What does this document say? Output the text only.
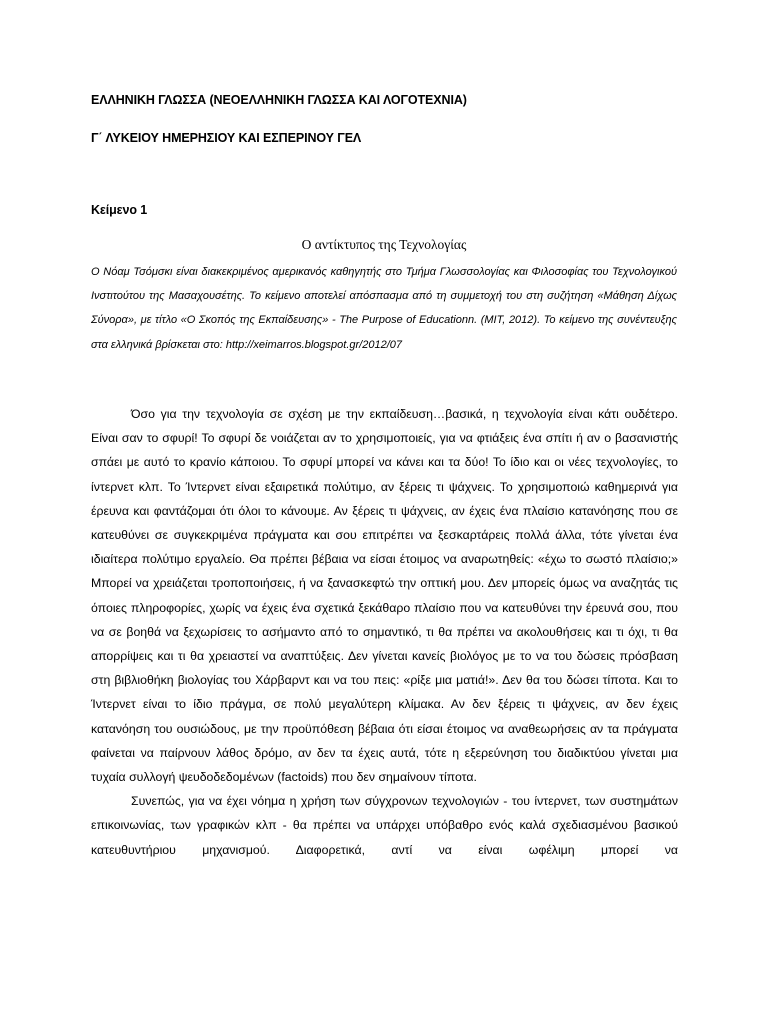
ΕΛΛΗΝΙΚΗ ΓΛΩΣΣΑ (ΝΕΟΕΛΛΗΝΙΚΗ ΓΛΩΣΣΑ ΚΑΙ ΛΟΓΟΤΕΧΝΙΑ)
Γ΄ ΛΥΚΕΙΟΥ ΗΜΕΡΗΣΙΟΥ ΚΑΙ ΕΣΠΕΡΙΝΟΥ ΓΕΛ
Κείμενο 1
Ο αντίκτυπος της Τεχνολογίας
Ο Νόαμ Τσόμσκι είναι διακεκριμένος αμερικανός καθηγητής στο Τμήμα Γλωσσολογίας και Φιλοσοφίας του Τεχνολογικού Ινστιτούτου της Μασαχουσέτης. Το κείμενο αποτελεί απόσπασμα από τη συμμετοχή του στη συζήτηση «Μάθηση Δίχως Σύνορα», με τίτλο «Ο Σκοπός της Εκπαίδευσης» - The Purpose of Educationn. (MIT, 2012). Το κείμενο της συνέντευξης στα ελληνικά βρίσκεται στο: http://xeimarros.blogspot.gr/2012/07

Όσο για την τεχνολογία σε σχέση με την εκπαίδευση…βασικά, η τεχνολογία είναι κάτι ουδέτερο. Είναι σαν το σφυρί! Το σφυρί δε νοιάζεται αν το χρησιμοποιείς, για να φτιάξεις ένα σπίτι ή αν ο βασανιστής σπάει με αυτό το κρανίο κάποιου. Το σφυρί μπορεί να κάνει και τα δύο! Το ίδιο και οι νέες τεχνολογίες, το ίντερνετ κλπ. Το Ίντερνετ είναι εξαιρετικά πολύτιμο, αν ξέρεις τι ψάχνεις. Το χρησιμοποιώ καθημερινά για έρευνα και φαντάζομαι ότι όλοι το κάνουμε. Αν ξέρεις τι ψάχνεις, αν έχεις ένα πλαίσιο κατανόησης που σε κατευθύνει σε συγκεκριμένα πράγματα και σου επιτρέπει να ξεσκαρτάρεις πολλά άλλα, τότε γίνεται ένα ιδιαίτερα πολύτιμο εργαλείο. Θα πρέπει βέβαια να είσαι έτοιμος να αναρωτηθείς: «έχω το σωστό πλαίσιο;» Μπορεί να χρειάζεται τροποποιήσεις, ή να ξανασκεφτώ την οπτική μου. Δεν μπορείς όμως να αναζητάς τις όποιες πληροφορίες, χωρίς να έχεις ένα σχετικά ξεκάθαρο πλαίσιο που να κατευθύνει την έρευνά σου, που να σε βοηθά να ξεχωρίσεις το ασήμαντο από το σημαντικό, τι θα πρέπει να ακολουθήσεις και τι όχι, τι θα απορρίψεις και τι θα χρειαστεί να αναπτύξεις. Δεν γίνεται κανείς βιολόγος με το να του δώσεις πρόσβαση στη βιβλιοθήκη βιολογίας του Χάρβαρντ και να του πεις: «ρίξε μια ματιά!». Δεν θα του δώσει τίποτα. Και το Ίντερνετ είναι το ίδιο πράγμα, σε πολύ μεγαλύτερη κλίμακα. Αν δεν ξέρεις τι ψάχνεις, αν δεν έχεις κατανόηση του ουσιώδους, με την προϋπόθεση βέβαια ότι είσαι έτοιμος να αναθεωρήσεις αν τα πράγματα φαίνεται να παίρνουν λάθος δρόμο, αν δεν τα έχεις αυτά, τότε η εξερεύνηση του διαδικτύου γίνεται μια τυχαία συλλογή ψευδοδεδομένων (factoids) που δεν σημαίνουν τίποτα.

Συνεπώς, για να έχει νόημα η χρήση των σύγχρονων τεχνολογιών - του ίντερνετ, των συστημάτων επικοινωνίας, των γραφικών κλπ - θα πρέπει να υπάρχει υπόβαθρο ενός καλά σχεδιασμένου βασικού κατευθυντήριου μηχανισμού. Διαφορετικά, αντί να είναι ωφέλιμη μπορεί να
